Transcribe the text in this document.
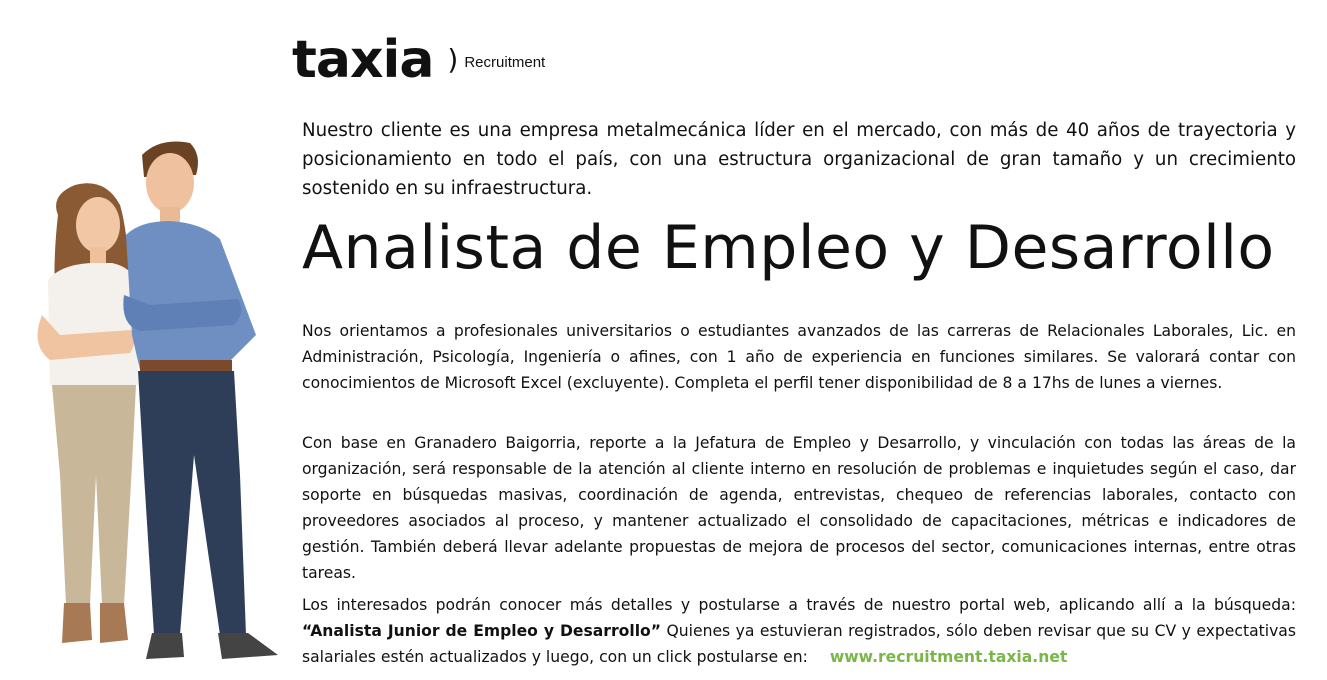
taxia ) Recruitment

Nuestro cliente es una empresa metalmecánica líder en el mercado, con más de 40 años de trayectoria y posicionamiento en todo el país, con una estructura organizacional de gran tamaño y un crecimiento sostenido en su infraestructura.

Analista de Empleo y Desarrollo

Nos orientamos a profesionales universitarios o estudiantes avanzados de las carreras de Relacionales Laborales, Lic. en Administración, Psicología, Ingeniería o afines, con 1 año de experiencia en funciones similares. Se valorará contar con conocimientos de Microsoft Excel (excluyente). Completa el perfil tener disponibilidad de 8 a 17hs de lunes a viernes.

Con base en Granadero Baigorria, reporte a la Jefatura de Empleo y Desarrollo, y vinculación con todas las áreas de la organización, será responsable de la atención al cliente interno en resolución de problemas e inquietudes según el caso, dar soporte en búsquedas masivas, coordinación de agenda, entrevistas, chequeo de referencias laborales, contacto con proveedores asociados al proceso, y mantener actualizado el consolidado de capacitaciones, métricas e indicadores de gestión. También deberá llevar adelante propuestas de mejora de procesos del sector, comunicaciones internas, entre otras tareas.

Los interesados podrán conocer más detalles y postularse a través de nuestro portal web, aplicando allí a la búsqueda: “Analista Junior de Empleo y Desarrollo” Quienes ya estuvieran registrados, sólo deben revisar que su CV y expectativas salariales estén actualizados y luego, con un click postularse en: www.recruitment.taxia.net
